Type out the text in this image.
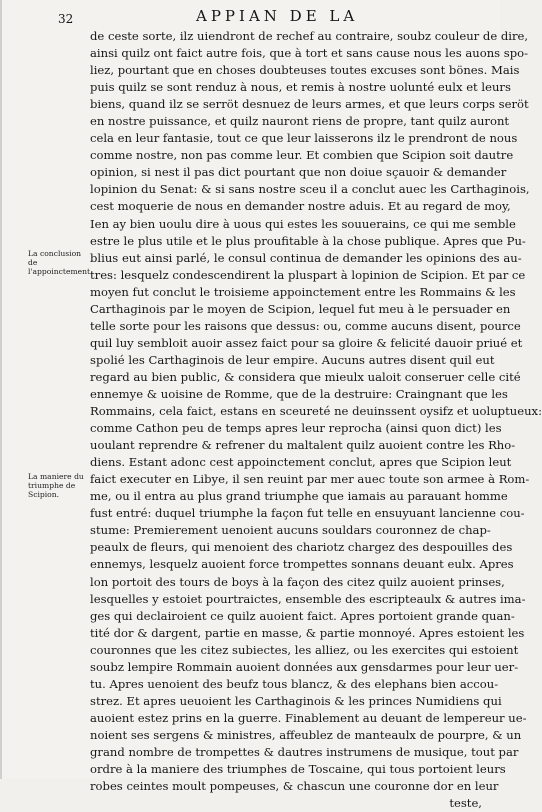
32	APPIAN DE LA
La conclusion de l'appoinctement.
La maniere du triumphe de Scipion.
de ceste sorte, ilz uiendront de rechef au contraire, soubz couleur de dire,
ainsi quilz ont faict autre fois, que à tort et sans cause nous les auons spo-
liez, pourtant que en choses doubteuses toutes excuses sont bönes. Mais
puis quilz se sont renduz à nous, et remis à nostre uolunté eulx et leurs
biens, quand ilz se serröt desnuez de leurs armes, et que leurs corps seröt
en nostre puissance, et quilz nauront riens de propre, tant quilz auront
cela en leur fantasie, tout ce que leur laisserons ilz le prendront de nous
comme nostre, non pas comme leur. Et combien que Scipion soit dautre
opinion, si nest il pas dict pourtant que non doiue sçauoir & demander
lopinion du Senat: & si sans nostre sceu il a conclut auec les Carthaginois,
cest moquerie de nous en demander nostre aduis. Et au regard de moy,
Ien ay bien uoulu dire à uous qui estes les souuerains, ce qui me semble
estre le plus utile et le plus proufitable à la chose publique. Apres que Pu-
blius eut ainsi parlé, le consul continua de demander les opinions des au-
tres: lesquelz condescendirent la pluspart à lopinion de Scipion. Et par ce
moyen fut conclut le troisieme appoinctement entre les Rommains & les
Carthaginois par le moyen de Scipion, lequel fut meu à le persuader en
telle sorte pour les raisons que dessus: ou, comme aucuns disent, pource
quil luy sembloit auoir assez faict pour sa gloire & felicité dauoir priué et
spolié les Carthaginois de leur empire. Aucuns autres disent quil eut
regard au bien public, & considera que mieulx ualoit conseruer celle cité
ennemye & uoisine de Romme, que de la destruire: Craingnant que les
Rommains, cela faict, estans en sceureté ne deuinssent oysifz et uoluptueux:
comme Cathon peu de temps apres leur reprocha (ainsi quon dict) les
uoulant reprendre & refrener du maltalent quilz auoient contre les Rho-
diens. Estant adonc cest appoinctement conclut, apres que Scipion leut
faict executer en Libye, il sen reuint par mer auec toute son armee à Rom-
me, ou il entra au plus grand triumphe que iamais au parauant homme
fust entré: duquel triumphe la façon fut telle en ensuyuant lancienne cou-
stume: Premierement uenoient aucuns souldars couronnez de chap-
peaulx de fleurs, qui menoient des chariotz chargez des despouilles des
ennemys, lesquelz auoient force trompettes sonnans deuant eulx. Apres
lon portoit des tours de boys à la façon des citez quilz auoient prinses,
lesquelles y estoiet pourtraictes, ensemble des escripteaulx & autres ima-
ges qui declairoient ce quilz auoient faict. Apres portoient grande quan-
tité dor & dargent, partie en masse, & partie monnoyé. Apres estoient les
couronnes que les citez subiectes, les alliez, ou les exercites qui estoient
soubz lempire Rommain auoient données aux gensdarmes pour leur uer-
tu. Apres uenoient des beufz tous blancz, & des elephans bien accou-
strez. Et apres ueuoient les Carthaginois & les princes Numidiens qui
auoient estez prins en la guerre. Finablement au deuant de lempereur ue-
noient ses sergens & ministres, affeublez de manteaulx de pourpre, & un
grand nombre de trompettes & dautres instrumens de musique, tout par
ordre à la maniere des triumphes de Toscaine, qui tous portoient leurs
robes ceintes moult pompeuses, & chascun une couronne dor en leur
teste,
